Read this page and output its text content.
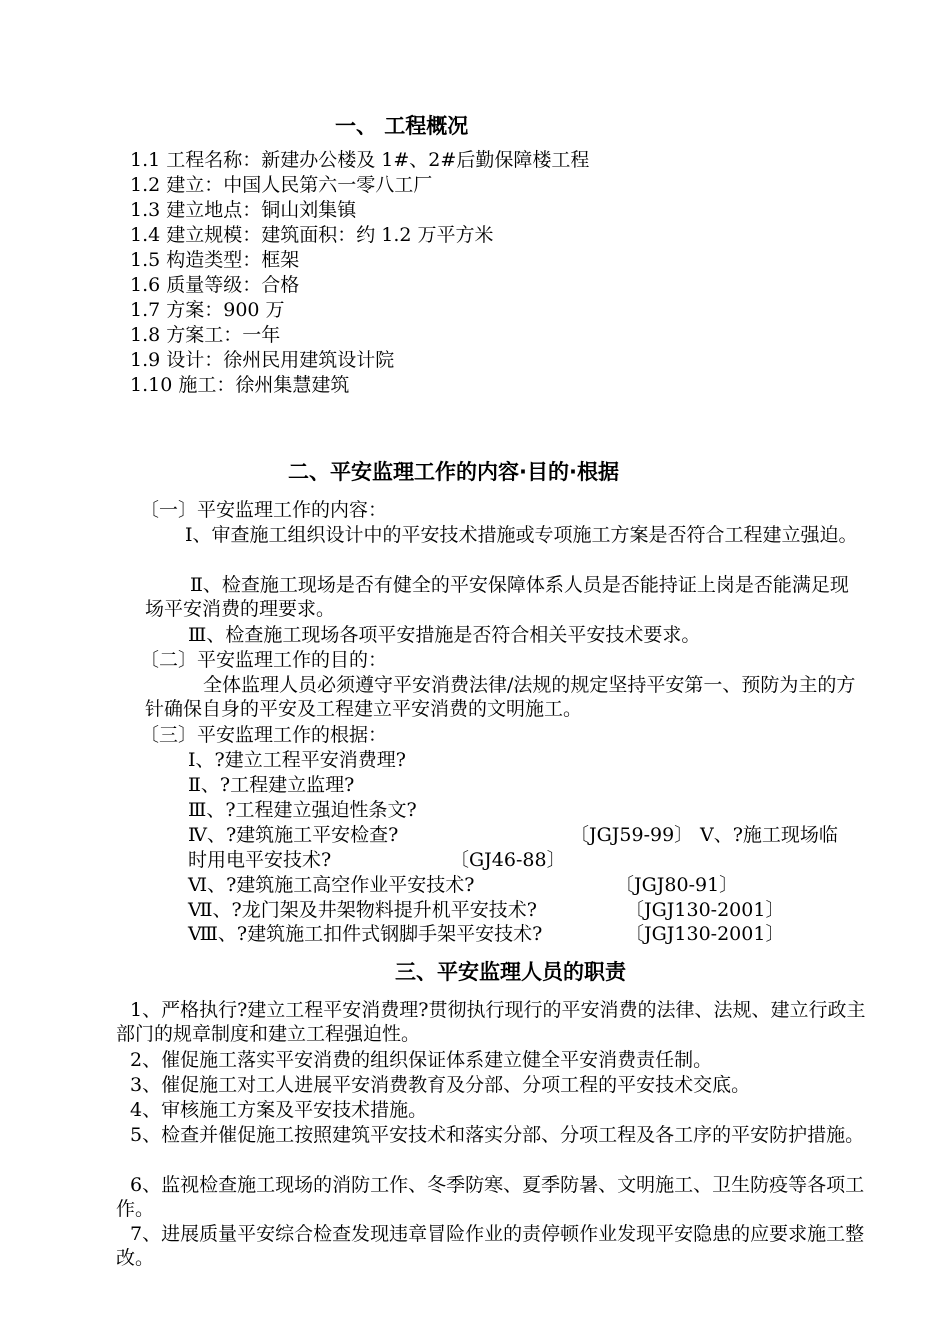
一、 工程概况
1.1 工程名称：新建办公楼及 1#、2#后勤保障楼工程
1.2 建立：中国人民第六一零八工厂
1.3 建立地点：铜山刘集镇
1.4 建立规模：建筑面积：约 1.2 万平方米
1.5 构造类型：框架
1.6 质量等级：合格
1.7 方案：900 万
1.8 方案工：一年
1.9 设计：徐州民用建筑设计院
1.10 施工：徐州集慧建筑
二、平安监理工作的内容·目的·根据
〔一〕平安监理工作的内容：
Ⅰ、审查施工组织设计中的平安技术措施或专项施工方案是否符合工程建立强迫。
Ⅱ、检查施工现场是否有健全的平安保障体系人员是否能持证上岗是否能满足现场平安消费的理要求。
Ⅲ、检查施工现场各项平安措施是否符合相关平安技术要求。
〔二〕平安监理工作的目的：
全体监理人员必须遵守平安消费法律/法规的规定坚持平安第一、预防为主的方针确保自身的平安及工程建立平安消费的文明施工。
〔三〕平安监理工作的根据：
Ⅰ、?建立工程平安消费理?
Ⅱ、?工程建立监理?
Ⅲ、?工程建立强迫性条文?
Ⅳ、?建筑施工平安检查?	〔JGJ59-99〕 Ⅴ、?施工现场临
时用电平安技术?	〔GJ46-88〕
Ⅵ、?建筑施工高空作业平安技术?	〔JGJ80-91〕
Ⅶ、?龙门架及井架物料提升机平安技术?	〔JGJ130-2001〕
Ⅷ、?建筑施工扣件式钢脚手架平安技术?	〔JGJ130-2001〕
三、平安监理人员的职责
1、严格执行?建立工程平安消费理?贯彻执行现行的平安消费的法律、法规、建立行政主部门的规章制度和建立工程强迫性。
2、催促施工落实平安消费的组织保证体系建立健全平安消费责任制。
3、催促施工对工人进展平安消费教育及分部、分项工程的平安技术交底。
4、审核施工方案及平安技术措施。
5、检查并催促施工按照建筑平安技术和落实分部、分项工程及各工序的平安防护措施。
6、监视检查施工现场的消防工作、冬季防寒、夏季防暑、文明施工、卫生防疫等各项工作。
7、进展质量平安综合检查发现违章冒险作业的责停顿作业发现平安隐患的应要求施工整改。
